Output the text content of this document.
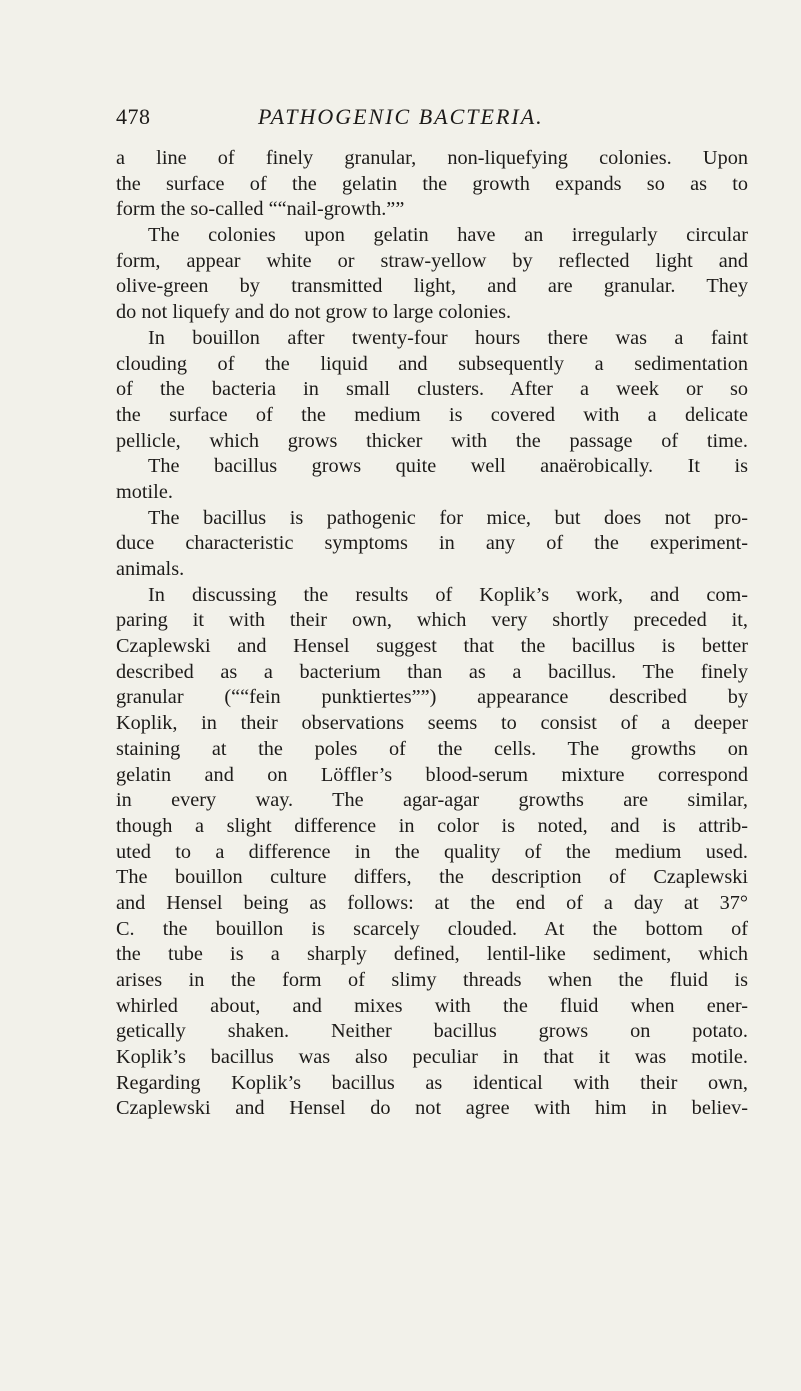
478	PATHOGENIC BACTERIA.
a line of finely granular, non-liquefying colonies. Upon
the surface of the gelatin the growth expands so as to
form the so-called ““nail-growth.””
The colonies upon gelatin have an irregularly circular
form, appear white or straw-yellow by reflected light and
olive-green by transmitted light, and are granular. They
do not liquefy and do not grow to large colonies.
In bouillon after twenty-four hours there was a faint
clouding of the liquid and subsequently a sedimentation
of the bacteria in small clusters. After a week or so
the surface of the medium is covered with a delicate
pellicle, which grows thicker with the passage of time.
The bacillus grows quite well anaërobically. It is
motile.
The bacillus is pathogenic for mice, but does not pro-
duce characteristic symptoms in any of the experiment-
animals.
In discussing the results of Koplik’s work, and com-
paring it with their own, which very shortly preceded it,
Czaplewski and Hensel suggest that the bacillus is better
described as a bacterium than as a bacillus. The finely
granular (““fein punktiertes””) appearance described by
Koplik, in their observations seems to consist of a deeper
staining at the poles of the cells. The growths on
gelatin and on Löffler’s blood-serum mixture correspond
in every way. The agar-agar growths are similar,
though a slight difference in color is noted, and is attrib-
uted to a difference in the quality of the medium used.
The bouillon culture differs, the description of Czaplewski
and Hensel being as follows: at the end of a day at 37°
C. the bouillon is scarcely clouded. At the bottom of
the tube is a sharply defined, lentil-like sediment, which
arises in the form of slimy threads when the fluid is
whirled about, and mixes with the fluid when ener-
getically shaken. Neither bacillus grows on potato.
Koplik’s bacillus was also peculiar in that it was motile.
Regarding Koplik’s bacillus as identical with their own,
Czaplewski and Hensel do not agree with him in believ-
